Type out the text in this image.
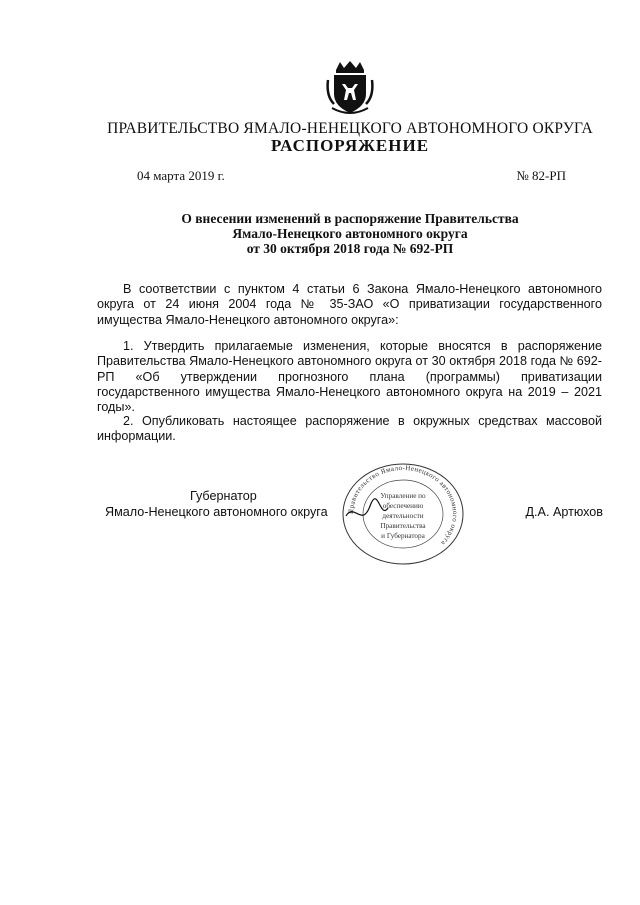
ПРАВИТЕЛЬСТВО ЯМАЛО-НЕНЕЦКОГО АВТОНОМНОГО ОКРУГА
РАСПОРЯЖЕНИЕ
04 марта 2019 г.	№ 82-РП
О внесении изменений в распоряжение Правительства
Ямало-Ненецкого автономного округа
от 30 октября 2018 года № 692-РП
В соответствии с пунктом 4 статьи 6 Закона Ямало-Ненецкого автономного округа от 24 июня 2004 года № 35-ЗАО «О приватизации государственного имущества Ямало-Ненецкого автономного округа»:
1. Утвердить прилагаемые изменения, которые вносятся в распоряжение Правительства Ямало-Ненецкого автономного округа от 30 октября 2018 года № 692-РП «Об утверждении прогнозного плана (программы) приватизации государственного имущества Ямало-Ненецкого автономного округа на 2019 – 2021 годы».
2. Опубликовать настоящее распоряжение в окружных средствах массовой информации.
Губернатор
Ямало-Ненецкого автономного округа	Д.А. Артюхов
Правительство Ямало-Ненецкого автономного округа
Управление по
обеспечению
деятельности
Правительства
и Губернатора
